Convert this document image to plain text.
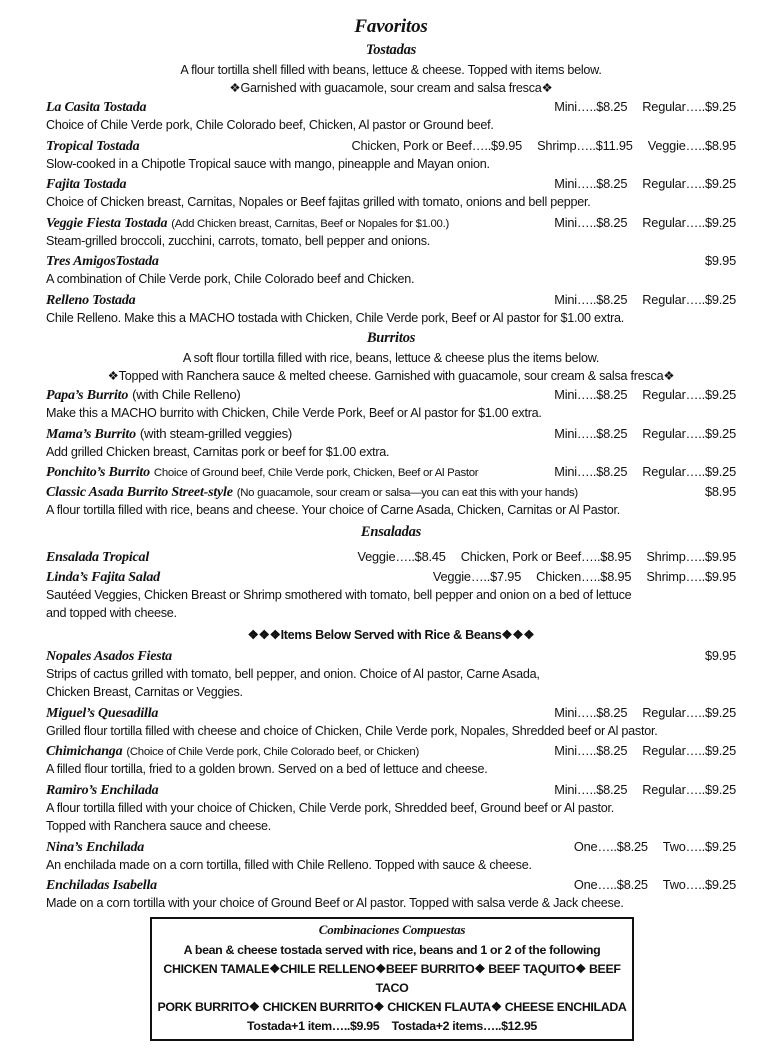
Favoritos
Tostadas
A flour tortilla shell filled with beans, lettuce & cheese. Topped with items below.
❖Garnished with guacamole, sour cream and salsa fresca❖
La Casita Tostada	Mini…..$8.25 Regular…..$9.25
Choice of Chile Verde pork, Chile Colorado beef, Chicken, Al pastor or Ground beef.
Tropical Tostada	Chicken, Pork or Beef…..$9.95 Shrimp…..$11.95 Veggie…..$8.95
Slow-cooked in a Chipotle Tropical sauce with mango, pineapple and Mayan onion.
Fajita Tostada	Mini…..$8.25 Regular…..$9.25
Choice of Chicken breast, Carnitas, Nopales or Beef fajitas grilled with tomato, onions and bell pepper.
Veggie Fiesta Tostada (Add Chicken breast, Carnitas, Beef or Nopales for $1.00.)	Mini…..$8.25 Regular…..$9.25
Steam-grilled broccoli, zucchini, carrots, tomato, bell pepper and onions.
Tres AmigosTostada	$9.95
A combination of Chile Verde pork, Chile Colorado beef and Chicken.
Relleno Tostada	Mini…..$8.25 Regular…..$9.25
Chile Relleno. Make this a MACHO tostada with Chicken, Chile Verde pork, Beef or Al pastor for $1.00 extra.
Burritos
A soft flour tortilla filled with rice, beans, lettuce & cheese plus the items below.
❖Topped with Ranchera sauce & melted cheese. Garnished with guacamole, sour cream & salsa fresca❖
Papa’s Burrito (with Chile Relleno)	Mini…..$8.25 Regular…..$9.25
Make this a MACHO burrito with Chicken, Chile Verde Pork, Beef or Al pastor for $1.00 extra.
Mama’s Burrito (with steam-grilled veggies)	Mini…..$8.25 Regular…..$9.25
Add grilled Chicken breast, Carnitas pork or beef for $1.00 extra.
Ponchito’s Burrito Choice of Ground beef, Chile Verde pork, Chicken, Beef or Al Pastor	Mini…..$8.25 Regular…..$9.25
Classic Asada Burrito Street-style (No guacamole, sour cream or salsa—you can eat this with your hands)	$8.95
A flour tortilla filled with rice, beans and cheese. Your choice of Carne Asada, Chicken, Carnitas or Al Pastor.
Ensaladas
Ensalada Tropical	Veggie…..$8.45 Chicken, Pork or Beef…..$8.95 Shrimp…..$9.95
Linda’s Fajita Salad	Veggie…..$7.95 Chicken…..$8.95 Shrimp…..$9.95
Sautéed Veggies, Chicken Breast or Shrimp smothered with tomato, bell pepper and onion on a bed of lettuce
and topped with cheese.
❖❖❖Items Below Served with Rice & Beans❖❖❖
Nopales Asados Fiesta	$9.95
Strips of cactus grilled with tomato, bell pepper, and onion. Choice of Al pastor, Carne Asada,
Chicken Breast, Carnitas or Veggies.
Miguel’s Quesadilla	Mini…..$8.25 Regular…..$9.25
Grilled flour tortilla filled with cheese and choice of Chicken, Chile Verde pork, Nopales, Shredded beef or Al pastor.
Chimichanga (Choice of Chile Verde pork, Chile Colorado beef, or Chicken)	Mini…..$8.25 Regular…..$9.25
A filled flour tortilla, fried to a golden brown. Served on a bed of lettuce and cheese.
Ramiro’s Enchilada	Mini…..$8.25 Regular…..$9.25
A flour tortilla filled with your choice of Chicken, Chile Verde pork, Shredded beef, Ground beef or Al pastor.
Topped with Ranchera sauce and cheese.
Nina’s Enchilada	One…..$8.25 Two…..$9.25
An enchilada made on a corn tortilla, filled with Chile Relleno. Topped with sauce & cheese.
Enchiladas Isabella	One…..$8.25 Two…..$9.25
Made on a corn tortilla with your choice of Ground Beef or Al pastor. Topped with salsa verde & Jack cheese.
Combinaciones Compuestas
A bean & cheese tostada served with rice, beans and 1 or 2 of the following
CHICKEN TAMALE❖CHILE RELLENO❖BEEF BURRITO❖ BEEF TAQUITO❖ BEEF TACO
PORK BURRITO❖ CHICKEN BURRITO❖ CHICKEN FLAUTA❖ CHEESE ENCHILADA
Tostada+1 item…..$9.95 Tostada+2 items…..$12.95
